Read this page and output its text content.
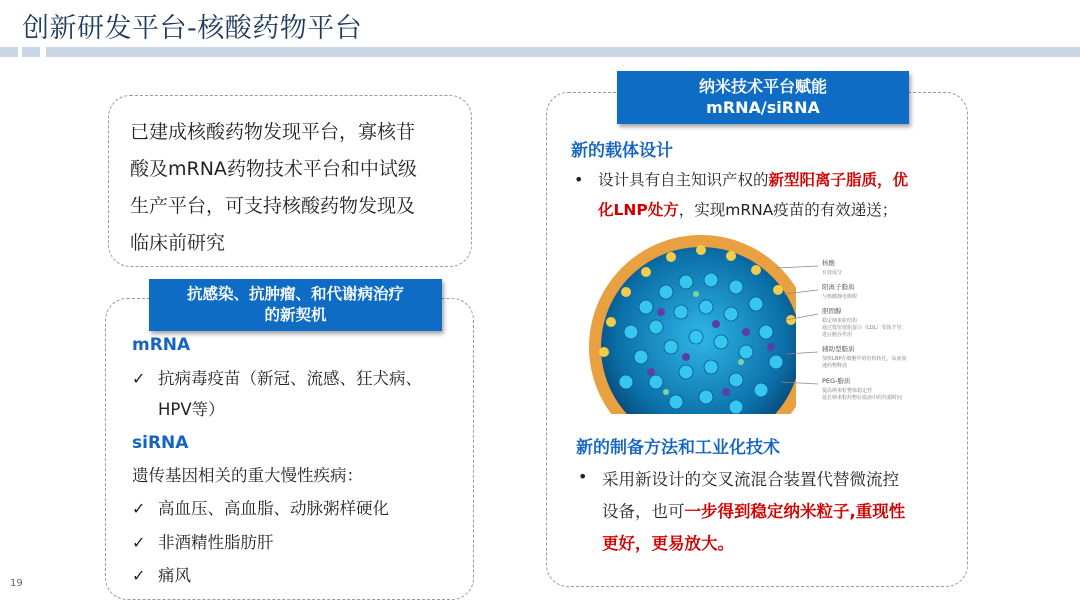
创新研发平台-核酸药物平台
已建成核酸药物发现平台，寡核苷
酸及mRNA药物技术平台和中试级
生产平台，可支持核酸药物发现及
临床前研究
抗感染、抗肿瘤、和代谢病治疗
的新契机
mRNA
✓ 抗病毒疫苗（新冠、流感、狂犬病、
HPV等）
siRNA
遗传基因相关的重大慢性疾病：
✓ 高血压、高血脂、动脉粥样硬化
✓ 非酒精性脂肪肝
✓ 痛风
纳米技术平台赋能
mRNA/siRNA
新的载体设计
• 设计具有自主知识产权的新型阳离子脂质，优
化LNP处方，实现mRNA疫苗的有效递送；
核酸
有效成分
阳离子脂质
与核酸静电吸附
胆固醇
稳定纳米粒结构
通过低密度脂蛋白（LDL）受体介导,
进行胞吞作用
辅助型脂质
加快LNP在细胞中的结构转化，从而加
速药物释放
PEG-脂质
提高纳米粒整体稳定性
延长纳米粒药物在血液中的代谢时间
新的制备方法和工业化技术
• 采用新设计的交叉流混合装置代替微流控
设备，也可一步得到稳定纳米粒子,重现性
更好，更易放大。
19
